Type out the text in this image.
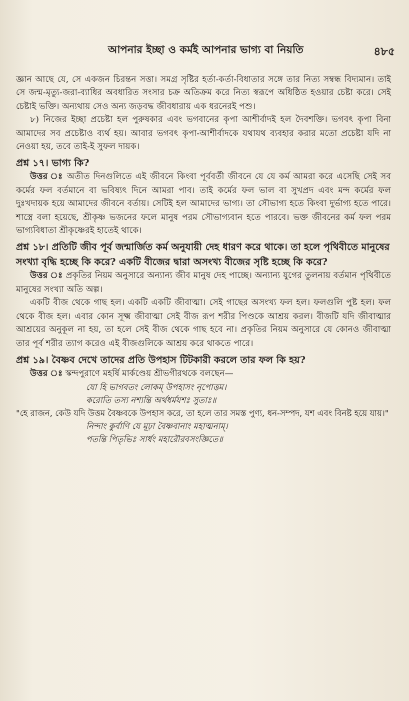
আপনার ইচ্ছা ও কর্মই আপনার ভাগ্য বা নিয়তি	৪৮৫

জ্ঞান আছে যে, সে একজন চিরন্তন সত্তা। সমগ্র সৃষ্টির হর্তা-কর্তা-বিধাতার সঙ্গে তার নিত্য সম্বন্ধ বিদ্যমান। তাই সে জন্ম-মৃত্যু-জরা-ব্যাধির অবধারিত সংসার চক্র অতিক্রম করে নিত্য স্বরূপে অধিষ্ঠিত হওয়ার চেষ্টা করে। সেই চেষ্টাই ভক্তি। অন্যথায় সেও অন্য জড়বদ্ধ জীবধারায় এক ধরনেরই পশু।

৮) নিজের ইচ্ছা প্রচেষ্টা হল পুরুষকার এবং ভগবানের কৃপা আশীর্বাদই হল দৈবশক্তি। ভগবৎ কৃপা বিনা আমাদের সব প্রচেষ্টাও ব্যর্থ হয়। আবার ভগবৎ কৃপা-আশীর্বাদকে যথাযথ ব্যবহার করার মতো প্রচেষ্টা যদি না নেওয়া হয়, তবে তাই-ই সুফল দায়ক।

প্রশ্ন ১৭। ভাগ্য কি?

উত্তর ঃ অতীত দিনগুলিতে এই জীবনে কিংবা পূর্ববর্তী জীবনে যে যে কর্ম আমরা করে এসেছি সেই সব কর্মের ফল বর্তমানে বা ভবিষ্যৎ দিনে আমরা পাব। তাই কর্মের ফল ভাল বা সুখপ্রদ এবং মন্দ কর্মের ফল দুঃখদায়ক হয়ে আমাদের জীবনে বর্তায়। সেটিই হল আমাদের ভাগ্য। তা সৌভাগ্য হতে কিংবা দুর্ভাগ্য হতে পারে। শাস্ত্রে বলা হয়েছে, শ্রীকৃষ্ণ ভজনের ফলে মানুষ পরম সৌভাগ্যবান হতে পারবে। ভক্ত জীবনের কর্ম ফল পরম ভাগ্যবিধাতা শ্রীকৃষ্ণেরই হাতেই থাকে।

প্রশ্ন ১৮। প্রতিটি জীব পূর্ব জন্মার্জিত কর্ম অনুযায়ী দেহ ধারণ করে থাকে। তা হলে পৃথিবীতে মানুষের সংখ্যা বৃদ্ধি হচ্ছে কি করে? একটি বীজের দ্বারা অসংখ্য বীজের সৃষ্টি হচ্ছে কি করে?

উত্তর ঃ প্রকৃতির নিয়ম অনুসারে অন্যান্য জীব মানুষ দেহ পাচ্ছে। অন্যান্য যুগের তুলনায় বর্তমান পৃথিবীতে মানুষের সংখ্যা অতি অল্প।

একটি বীজ থেকে গাছ হল। একটি একটি জীবাত্মা। সেই গাছের অসংখ্য ফল হল। ফলগুলি পুষ্ট হল। ফল থেকে বীজ হল। এবার কোন সূক্ষ্ম জীবাত্মা সেই বীজ রূপ শরীর পিণ্ডকে আশ্রয় করল। বীজটি যদি জীবাত্মার আশ্রয়ের অনুকূল না হয়, তা হলে সেই বীজ থেকে গাছ হবে না। প্রকৃতির নিয়ম অনুসারে যে কোনও জীবাত্মা তার পূর্ব শরীর ত্যাগ করেও এই বীজগুলিকে আশ্রয় করে থাকতে পারে।

প্রশ্ন ১৯। বৈষ্ণব দেখে তাদের প্রতি উপহাস টিটকারী করলে তার ফল কি হয়?

উত্তর ঃ স্কন্দপুরাণে মহর্ষি মার্কণ্ডেয় শ্রীভগীরথকে বলছেন—

যো হি ভাগবতং লোকম্ উপহাসং নৃপোত্তম।
করোতি তস্য নশ্যন্তি অর্থধর্মযশঃ সুতাঃ॥

"হে রাজন, কেউ যদি উত্তম বৈষ্ণবকে উপহাস করে, তা হলে তার সমস্ত পুণ্য, ধন-সম্পদ, যশ এবং বিনষ্ট হয়ে যায়।"

নিন্দাং কুর্বাণি যে মূঢ়া বৈষ্ণবানাং মহাত্মনাম্।
পতন্তি পিতৃভিঃ সার্ধং মহারৌরবসংজ্ঞিতে॥
